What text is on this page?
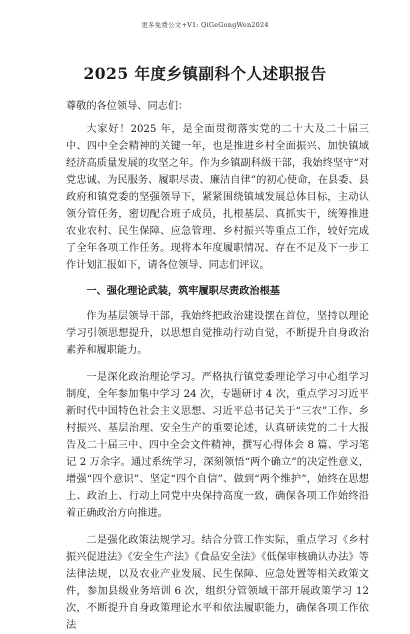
更多免费公文+V1: QiGeGongWen2024
2025 年度乡镇副科个人述职报告

尊敬的各位领导、同志们：

大家好！2025 年，是全面贯彻落实党的二十大及二十届三中、四中全会精神的关键一年，也是推进乡村全面振兴、加快镇域经济高质量发展的攻坚之年。作为乡镇副科级干部，我始终坚守“对党忠诚、为民服务、履职尽责、廉洁自律”的初心使命，在县委、县政府和镇党委的坚强领导下，紧紧围绕镇域发展总体目标，主动认领分管任务，密切配合班子成员，扎根基层、真抓实干，统筹推进农业农村、民生保障、应急管理、乡村振兴等重点工作，较好完成了全年各项工作任务。现将本年度履职情况、存在不足及下一步工作计划汇报如下，请各位领导、同志们评议。

一、强化理论武装，筑牢履职尽责政治根基

作为基层领导干部，我始终把政治建设摆在首位，坚持以理论学习引领思想提升，以思想自觉推动行动自觉，不断提升自身政治素养和履职能力。

一是深化政治理论学习。严格执行镇党委理论学习中心组学习制度，全年参加集中学习 24 次，专题研讨 4 次，重点学习习近平新时代中国特色社会主义思想、习近平总书记关于“三农”工作、乡村振兴、基层治理、安全生产的重要论述，认真研读党的二十大报告及二十届三中、四中全会文件精神，撰写心得体会 8 篇、学习笔记 2 万余字。通过系统学习，深刻领悟“两个确立”的决定性意义，增强“四个意识”、坚定“四个自信”、做到“两个维护”，始终在思想上、政治上、行动上同党中央保持高度一致，确保各项工作始终沿着正确政治方向推进。

二是强化政策法规学习。结合分管工作实际，重点学习《乡村振兴促进法》《安全生产法》《食品安全法》《低保审核确认办法》等法律法规，以及农业产业发展、民生保障、应急处置等相关政策文件，参加县级业务培训 6 次，组织分管领域干部开展政策学习 12 次，不断提升自身政策理论水平和依法履职能力，确保各项工作依法
